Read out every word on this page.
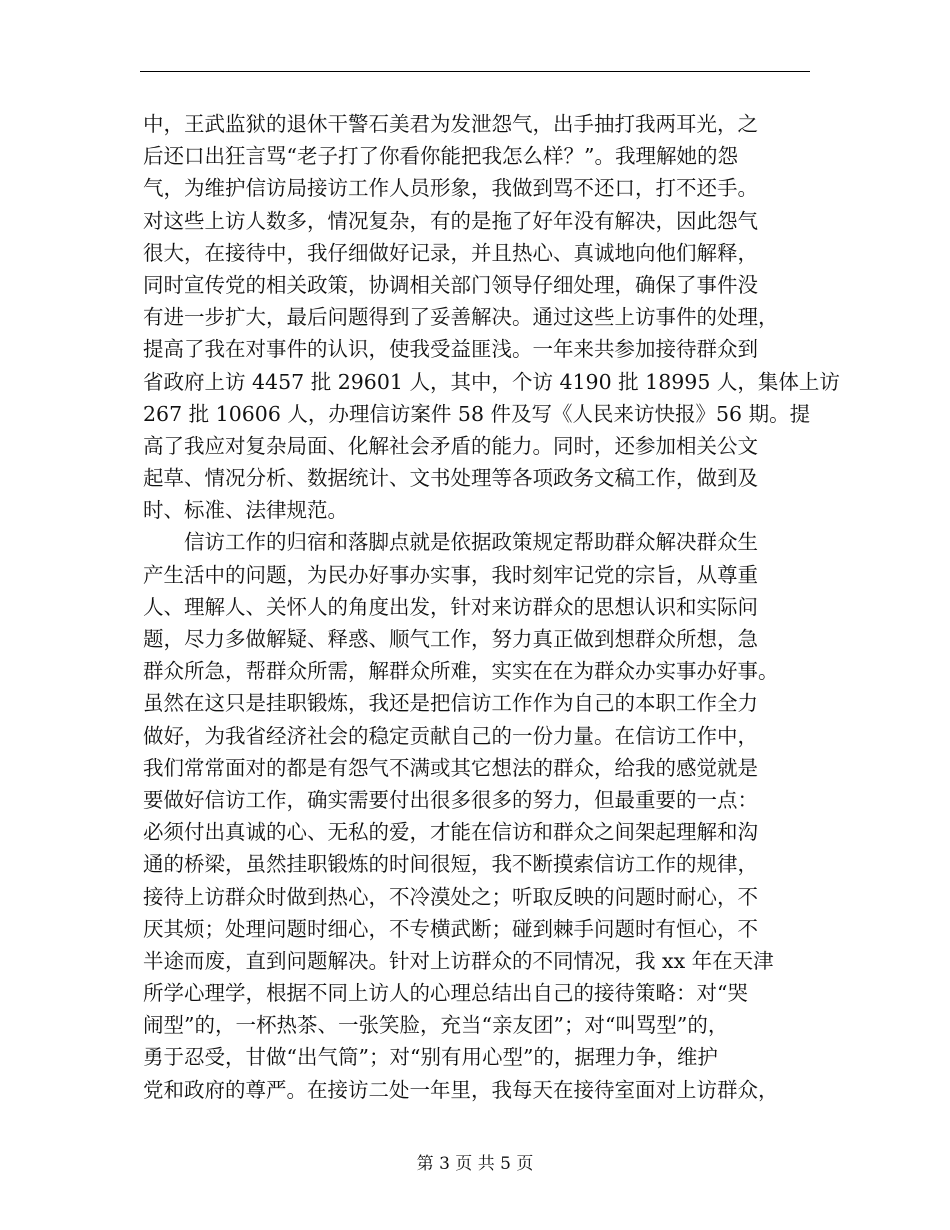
中，王武监狱的退休干警石美君为发泄怨气，出手抽打我两耳光，之
后还口出狂言骂“老子打了你看你能把我怎么样？”。我理解她的怨
气，为维护信访局接访工作人员形象，我做到骂不还口，打不还手。
对这些上访人数多，情况复杂，有的是拖了好年没有解决，因此怨气
很大，在接待中，我仔细做好记录，并且热心、真诚地向他们解释，
同时宣传党的相关政策，协调相关部门领导仔细处理，确保了事件没
有进一步扩大，最后问题得到了妥善解决。通过这些上访事件的处理，
提高了我在对事件的认识，使我受益匪浅。一年来共参加接待群众到
省政府上访 4457 批 29601 人，其中，个访 4190 批 18995 人，集体上访
267 批 10606 人，办理信访案件 58 件及写《人民来访快报》56 期。提
高了我应对复杂局面、化解社会矛盾的能力。同时，还参加相关公文
起草、情况分析、数据统计、文书处理等各项政务文稿工作，做到及
时、标准、法律规范。
信访工作的归宿和落脚点就是依据政策规定帮助群众解决群众生
产生活中的问题，为民办好事办实事，我时刻牢记党的宗旨，从尊重
人、理解人、关怀人的角度出发，针对来访群众的思想认识和实际问
题，尽力多做解疑、释惑、顺气工作，努力真正做到想群众所想，急
群众所急，帮群众所需，解群众所难，实实在在为群众办实事办好事。
虽然在这只是挂职锻炼，我还是把信访工作作为自己的本职工作全力
做好，为我省经济社会的稳定贡献自己的一份力量。在信访工作中，
我们常常面对的都是有怨气不满或其它想法的群众，给我的感觉就是
要做好信访工作，确实需要付出很多很多的努力，但最重要的一点：
必须付出真诚的心、无私的爱，才能在信访和群众之间架起理解和沟
通的桥梁，虽然挂职锻炼的时间很短，我不断摸索信访工作的规律，
接待上访群众时做到热心，不冷漠处之；听取反映的问题时耐心，不
厌其烦；处理问题时细心，不专横武断；碰到棘手问题时有恒心，不
半途而废，直到问题解决。针对上访群众的不同情况，我 xx 年在天津
所学心理学，根据不同上访人的心理总结出自己的接待策略：对“哭
闹型”的，一杯热茶、一张笑脸，充当“亲友团”；对“叫骂型”的，
勇于忍受，甘做“出气筒”；对“别有用心型”的，据理力争，维护
党和政府的尊严。在接访二处一年里，我每天在接待室面对上访群众，
第 3 页 共 5 页
